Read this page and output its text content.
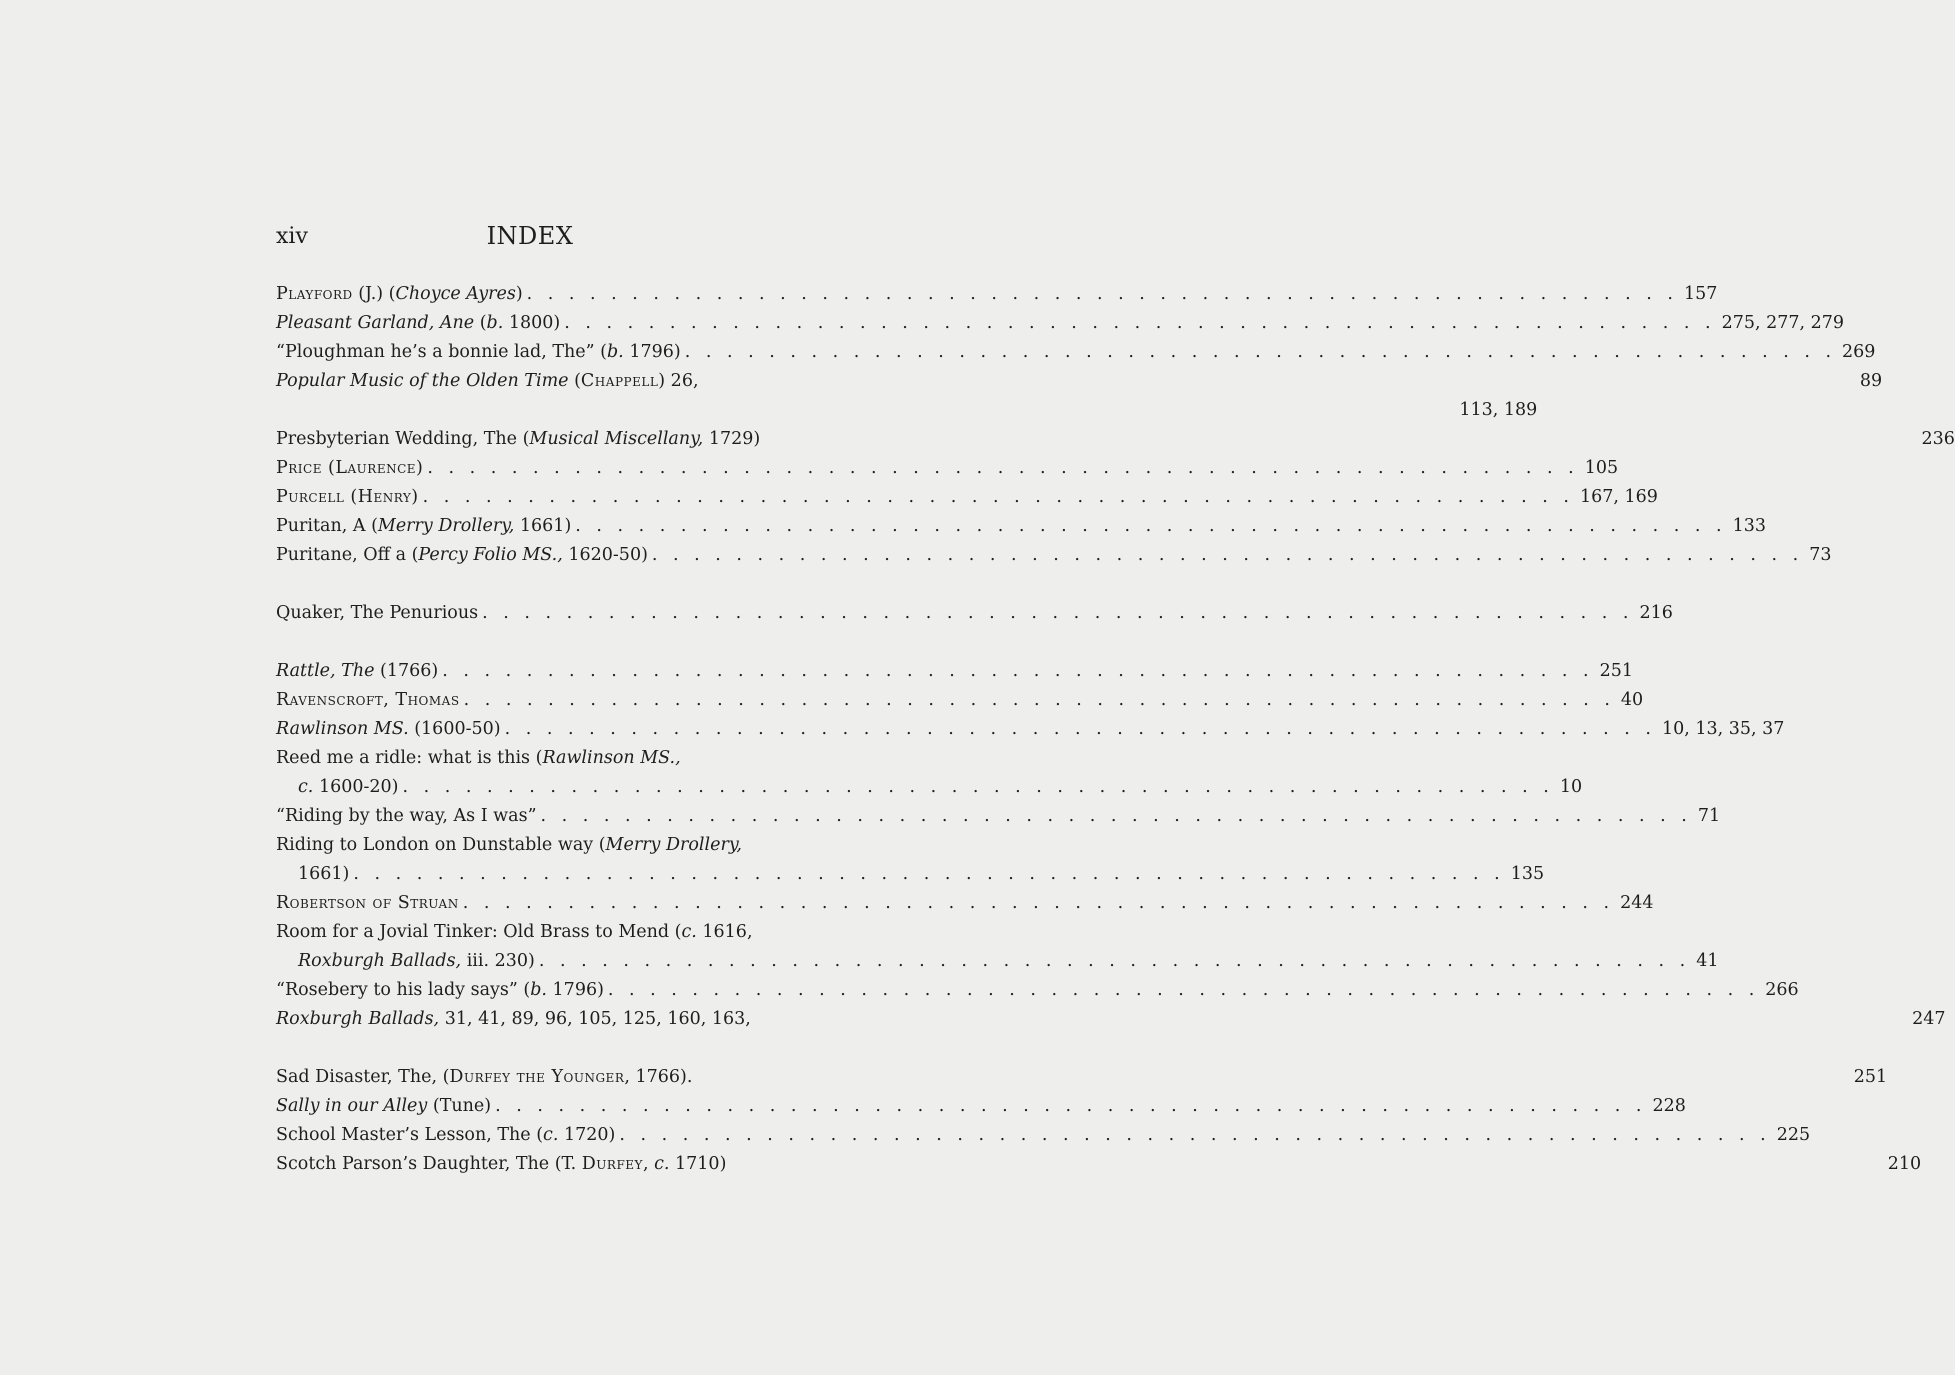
xiv	INDEX
Playford (J.) (Choyce Ayres) . . .	157
Pleasant Garland, Ane (b. 1800) . . .	275, 277, 279
“Ploughman he’s a bonnie lad, The” (b. 1796) . . .	269
Popular Music of the Olden Time (Chappell) 26,	89
113, 189
Presbyterian Wedding, The (Musical Miscellany, 1729)	236
Price (Laurence) . . .	105
Purcell (Henry) . . .	167, 169
Puritan, A (Merry Drollery, 1661) . . .	133
Puritane, Off a (Percy Folio MS., 1620-50) . . .	73
Quaker, The Penurious . . .	216
Rattle, The (1766) . . .	251
Ravenscroft, Thomas . . .	40
Rawlinson MS. (1600-50) . . .	10, 13, 35, 37
Reed me a ridle: what is this (Rawlinson MS.,
c. 1600-20) . . .	10
“Riding by the way, As I was” . . .	71
Riding to London on Dunstable way (Merry Drollery,
1661) . . .	135
Robertson of Struan . . .	244
Room for a Jovial Tinker: Old Brass to Mend (c. 1616,
Roxburgh Ballads, iii. 230) . . .	41
“Rosebery to his lady says” (b. 1796) . . .	266
Roxburgh Ballads, 31, 41, 89, 96, 105, 125, 160, 163,	247
Sad Disaster, The, (Durfey the Younger, 1766).	251
Sally in our Alley (Tune) . . .	228
School Master’s Lesson, The (c. 1720) . . .	225
Scotch Parson’s Daughter, The (T. Durfey, c. 1710)	210
